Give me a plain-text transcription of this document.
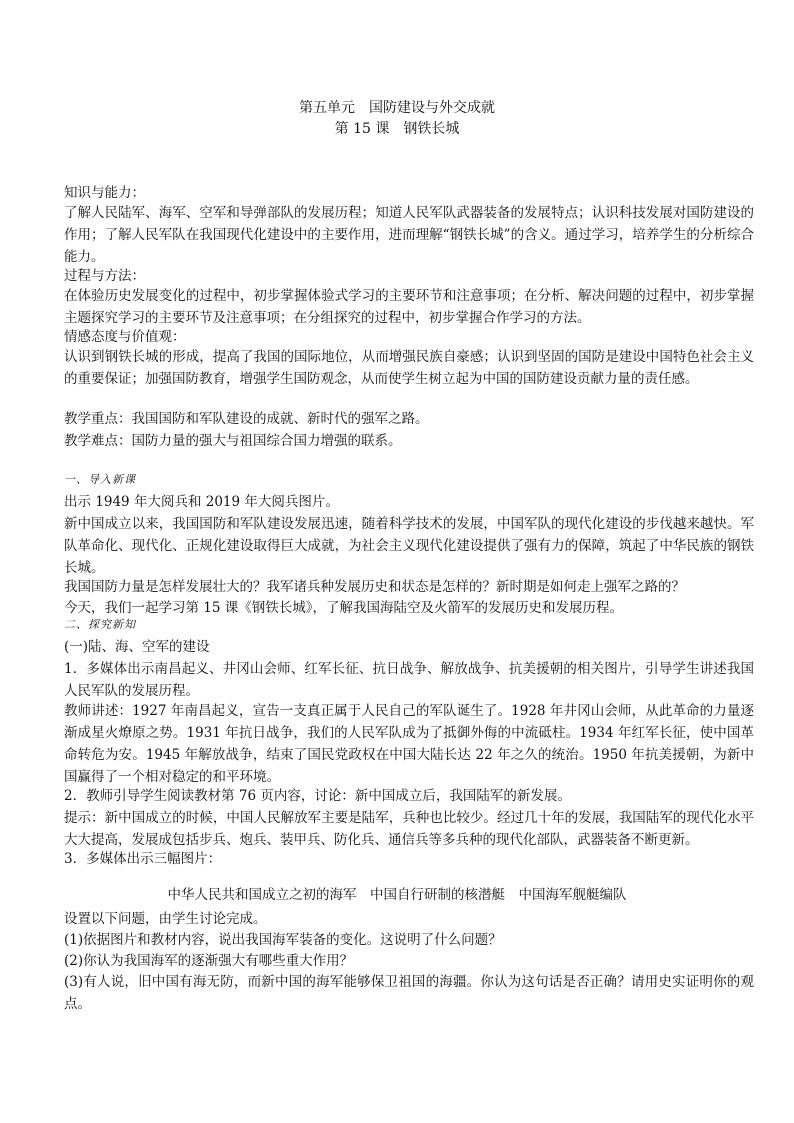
第五单元　国防建设与外交成就
第 15 课　钢铁长城
知识与能力：
了解人民陆军、海军、空军和导弹部队的发展历程；知道人民军队武器装备的发展特点；认识科技发展对国防建设的作用；了解人民军队在我国现代化建设中的主要作用，进而理解“钢铁长城”的含义。通过学习，培养学生的分析综合能力。
过程与方法：
在体验历史发展变化的过程中，初步掌握体验式学习的主要环节和注意事项；在分析、解决问题的过程中，初步掌握主题探究学习的主要环节及注意事项；在分组探究的过程中，初步掌握合作学习的方法。
情感态度与价值观：
认识到钢铁长城的形成，提高了我国的国际地位，从而增强民族自豪感；认识到坚固的国防是建设中国特色社会主义的重要保证；加强国防教育，增强学生国防观念，从而使学生树立起为中国的国防建设贡献力量的责任感。
教学重点：我国国防和军队建设的成就、新时代的强军之路。
教学难点：国防力量的强大与祖国综合国力增强的联系。
一、导入新课
出示 1949 年大阅兵和 2019 年大阅兵图片。
新中国成立以来，我国国防和军队建设发展迅速，随着科学技术的发展，中国军队的现代化建设的步伐越来越快。军队革命化、现代化、正规化建设取得巨大成就，为社会主义现代化建设提供了强有力的保障，筑起了中华民族的钢铁长城。
我国国防力量是怎样发展壮大的？我军诸兵种发展历史和状态是怎样的？新时期是如何走上强军之路的？
今天，我们一起学习第 15 课《钢铁长城》，了解我国海陆空及火箭军的发展历史和发展历程。
二、探究新知
(一)陆、海、空军的建设
1．多媒体出示南昌起义、井冈山会师、红军长征、抗日战争、解放战争、抗美援朝的相关图片，引导学生讲述我国人民军队的发展历程。
教师讲述：1927 年南昌起义，宣告一支真正属于人民自己的军队诞生了。1928 年井冈山会师，从此革命的力量逐渐成星火燎原之势。1931 年抗日战争，我们的人民军队成为了抵御外侮的中流砥柱。1934 年红军长征，使中国革命转危为安。1945 年解放战争，结束了国民党政权在中国大陆长达 22 年之久的统治。1950 年抗美援朝，为新中国赢得了一个相对稳定的和平环境。
2．教师引导学生阅读教材第 76 页内容，讨论：新中国成立后，我国陆军的新发展。
提示：新中国成立的时候，中国人民解放军主要是陆军，兵种也比较少。经过几十年的发展，我国陆军的现代化水平大大提高，发展成包括步兵、炮兵、装甲兵、防化兵、通信兵等多兵种的现代化部队，武器装备不断更新。
3．多媒体出示三幅图片：
中华人民共和国成立之初的海军　中国自行研制的核潜艇　中国海军舰艇编队
设置以下问题，由学生讨论完成。
(1)依据图片和教材内容，说出我国海军装备的变化。这说明了什么问题？
(2)你认为我国海军的逐渐强大有哪些重大作用？
(3)有人说，旧中国有海无防，而新中国的海军能够保卫祖国的海疆。你认为这句话是否正确？请用史实证明你的观点。
